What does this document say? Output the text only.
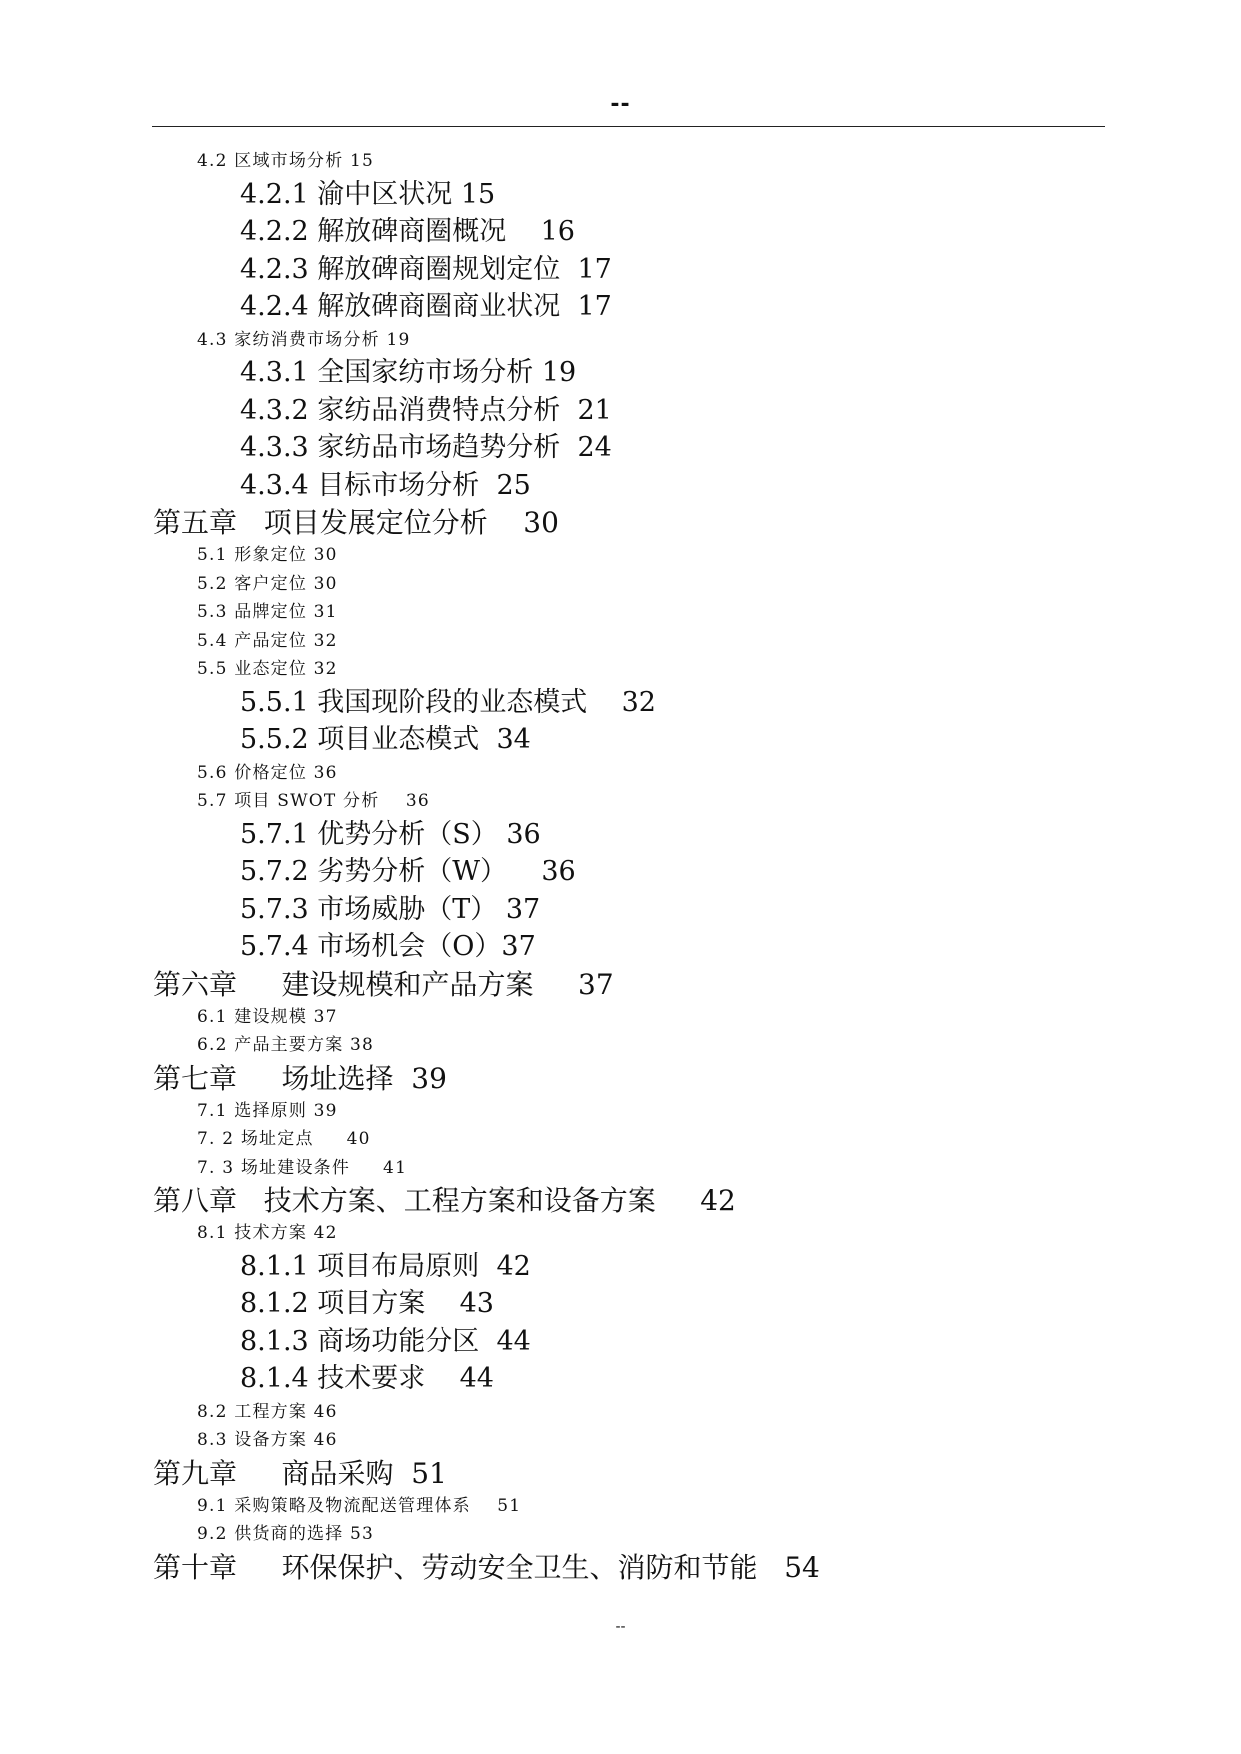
--
4.2 区域市场分析 15
4.2.1 渝中区状况 15
4.2.2 解放碑商圈概况    16
4.2.3 解放碑商圈规划定位  17
4.2.4 解放碑商圈商业状况  17
4.3 家纺消费市场分析 19
4.3.1 全国家纺市场分析 19
4.3.2 家纺品消费特点分析  21
4.3.3 家纺品市场趋势分析  24
4.3.4 目标市场分析  25
第五章   项目发展定位分析    30
5.1 形象定位 30
5.2 客户定位 30
5.3 品牌定位 31
5.4 产品定位 32
5.5 业态定位 32
5.5.1 我国现阶段的业态模式    32
5.5.2 项目业态模式  34
5.6 价格定位 36
5.7 项目 SWOT 分析    36
5.7.1 优势分析（S） 36
5.7.2 劣势分析（W）    36
5.7.3 市场威胁（T） 37
5.7.4 市场机会（O）37
第六章     建设规模和产品方案     37
6.1 建设规模 37
6.2 产品主要方案 38
第七章     场址选择  39
7.1 选择原则 39
7. 2 场址定点     40
7. 3 场址建设条件     41
第八章   技术方案、工程方案和设备方案     42
8.1 技术方案 42
8.1.1 项目布局原则  42
8.1.2 项目方案    43
8.1.3 商场功能分区  44
8.1.4 技术要求    44
8.2 工程方案 46
8.3 设备方案 46
第九章     商品采购  51
9.1 采购策略及物流配送管理体系    51
9.2 供货商的选择 53
第十章     环保保护、劳动安全卫生、消防和节能   54
--
